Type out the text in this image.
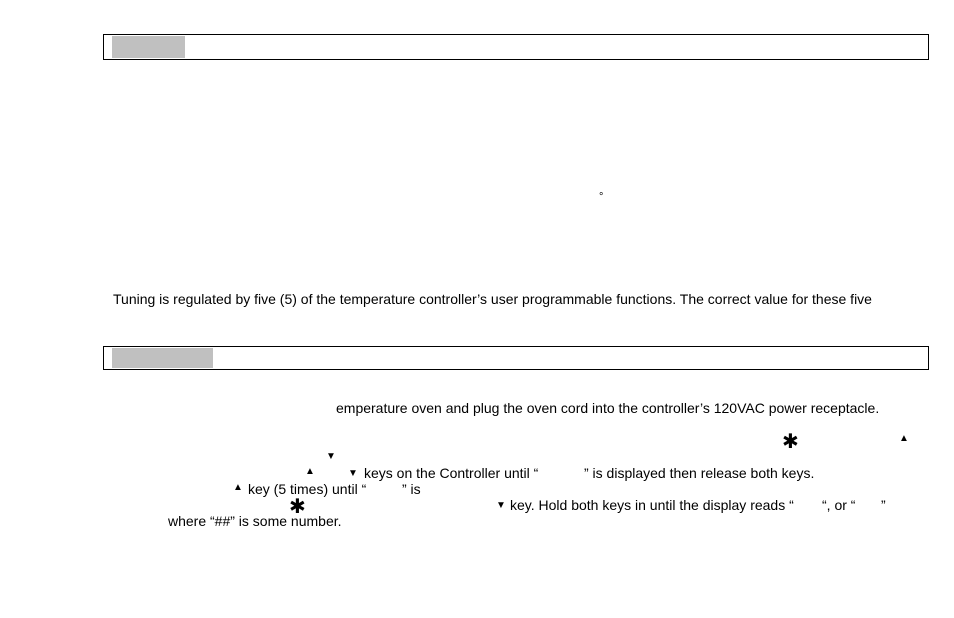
°
Tuning is regulated by five (5) of the temperature controller’s user programmable functions. The correct value for these five
emperature oven and plug the oven cord into the controller’s 120VAC power receptacle.
✱	▲
▼
▲	▼ keys on the Controller until “	” is displayed then release both keys.
▲ key (5 times) until “	” is
✱	▼ key. Hold both keys in until the display reads “ “, or “ ”
where “##” is some number.
